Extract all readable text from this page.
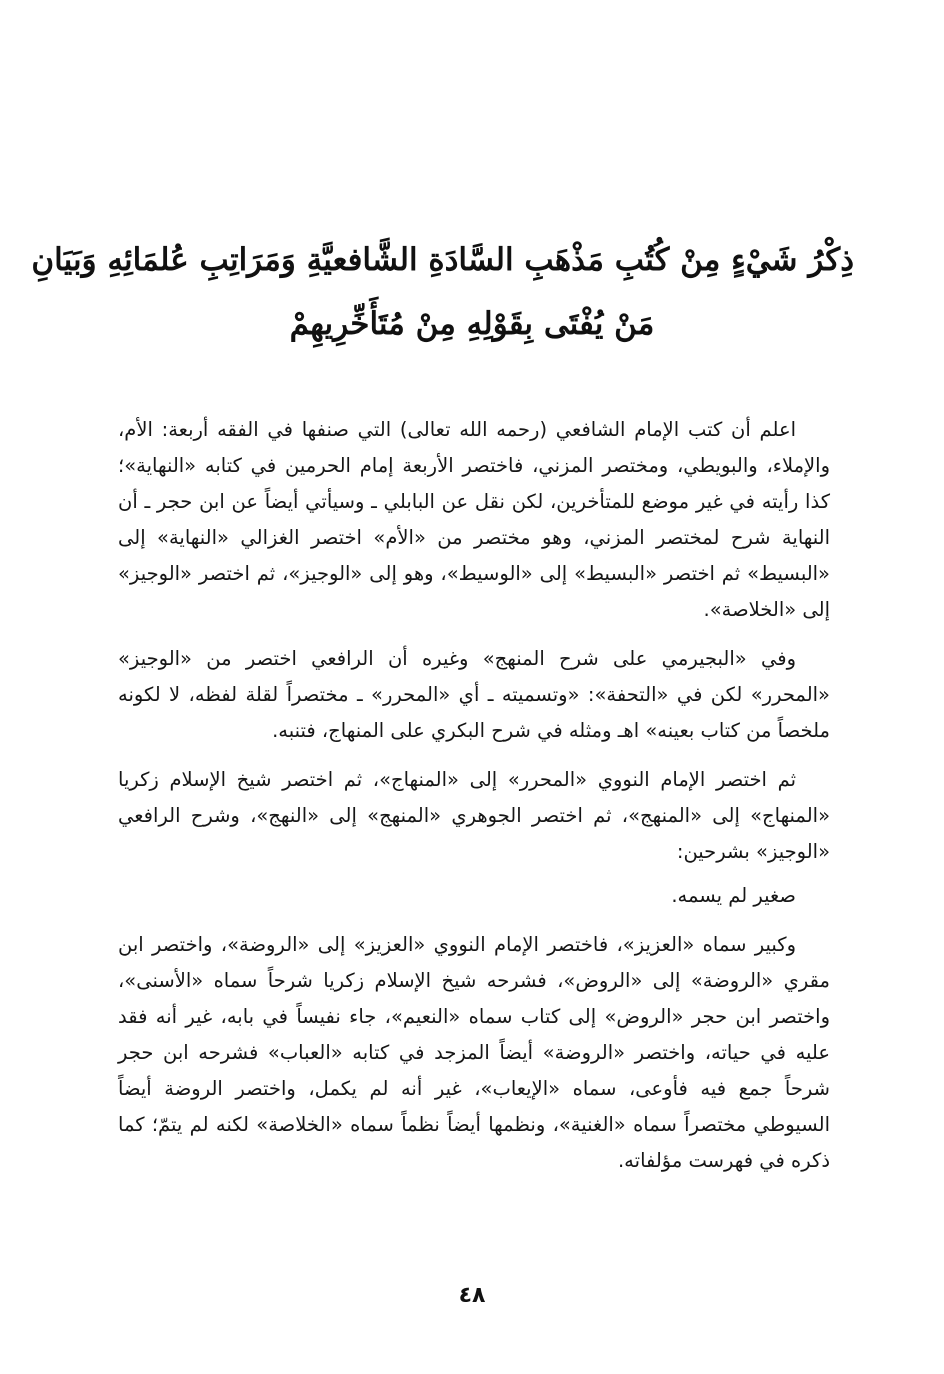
ذِكْرُ شَيْءٍ مِنْ كُتُبِ مَذْهَبِ السَّادَةِ الشَّافعيَّةِ وَمَرَاتِبِ عُلمَائِهِ وَبَيَانِ
مَنْ يُفْتَى بِقَوْلِهِ مِنْ مُتَأَخِّرِيهِمْ

اعلم أن كتب الإمام الشافعي (رحمه الله تعالى) التي صنفها في الفقه أربعة: الأم، والإملاء، والبويطي، ومختصر المزني، فاختصر الأربعة إمام الحرمين في كتابه «النهاية»؛ كذا رأيته في غير موضع للمتأخرين، لكن نقل عن البابلي ـ وسيأتي أيضاً عن ابن حجر ـ أن النهاية شرح لمختصر المزني، وهو مختصر من «الأم» اختصر الغزالي «النهاية» إلى «البسيط» ثم اختصر «البسيط» إلى «الوسيط»، وهو إلى «الوجيز»، ثم اختصر «الوجيز» إلى «الخلاصة».

وفي «البجيرمي على شرح المنهج» وغيره أن الرافعي اختصر من «الوجيز» «المحرر» لكن في «التحفة»: «وتسميته ـ أي «المحرر» ـ مختصراً لقلة لفظه، لا لكونه ملخصاً من كتاب بعينه» اهـ ومثله في شرح البكري على المنهاج، فتنبه.

ثم اختصر الإمام النووي «المحرر» إلى «المنهاج»، ثم اختصر شيخ الإسلام زكريا «المنهاج» إلى «المنهج»، ثم اختصر الجوهري «المنهج» إلى «النهج»، وشرح الرافعي «الوجيز» بشرحين:

صغير لم يسمه.

وكبير سماه «العزيز»، فاختصر الإمام النووي «العزيز» إلى «الروضة»، واختصر ابن مقري «الروضة» إلى «الروض»، فشرحه شيخ الإسلام زكريا شرحاً سماه «الأسنى»، واختصر ابن حجر «الروض» إلى كتاب سماه «النعيم»، جاء نفيساً في بابه، غير أنه فقد عليه في حياته، واختصر «الروضة» أيضاً المزجد في كتابه «العباب» فشرحه ابن حجر شرحاً جمع فيه فأوعى، سماه «الإيعاب»، غير أنه لم يكمل، واختصر الروضة أيضاً السيوطي مختصراً سماه «الغنية»، ونظمها أيضاً نظماً سماه «الخلاصة» لكنه لم يتمّ؛ كما ذكره في فهرست مؤلفاته.

٤٨
